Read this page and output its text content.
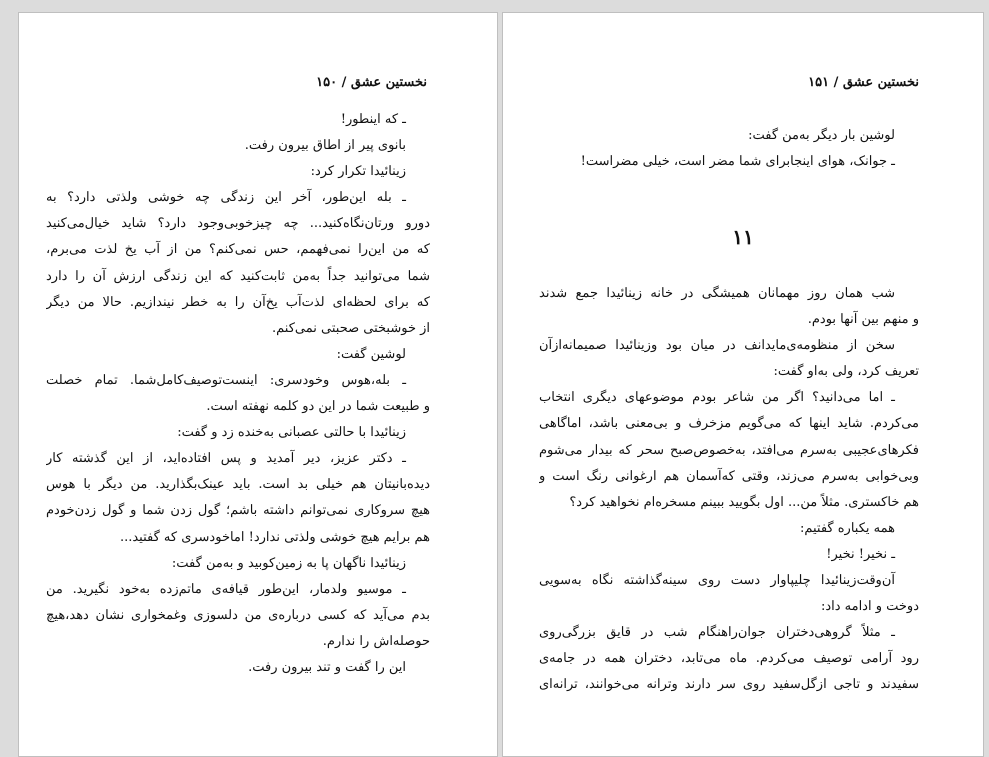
نخستین عشق / ۱۵۰
ـ که اینطور!
بانوی پیر از اطاق بیرون رفت.
زینائیدا تکرار کرد:
ـ بله این‌طور، آخر این زندگی چه خوشی ولذتی دارد؟ به
دورو ورتان‌نگاه‌کنید... چه چیزخوبی‌وجود دارد؟ شاید خیال‌می‌کنید
که من این‌را نمی‌فهمم، حس نمی‌کنم؟ من از آب یخ لذت می‌برم،
شما می‌توانید جداً به‌من ثابت‌کنید که این زندگی ارزش آن را دارد
که برای لحظه‌ای لذت‌آب یخ‌آن را به خطر نیندازیم. حالا من دیگر
از خوشبختی صحبتی نمی‌کنم.
لوشین گفت:
ـ بله،هوس وخودسری: اینست‌توصیف‌کامل‌شما. تمام خصلت
و طبیعت شما در این دو کلمه نهفته است.
زینائیدا با حالتی عصبانی به‌خنده زد و گفت:
ـ دکتر عزیز، دیر آمدید و پس افتاده‌اید، از این گذشته کار
دیده‌بانیتان هم خیلی بد است. باید عینک‌بگذارید. من دیگر با هوس
هیچ سروکاری نمی‌توانم داشته باشم؛ گول زدن شما و گول زدن‌خودم
هم برایم هیچ خوشی ولذتی ندارد! اماخودسری که گفتید...
زینائیدا ناگهان پا به زمین‌کوبید و به‌من گفت:
ـ موسیو ولدمار، این‌طور قیافه‌ی ماتم‌زده به‌خود نگیرید. من
بدم می‌آید که کسی درباره‌ی من دلسوزی وغمخواری نشان دهد،هیچ
حوصله‌اش را ندارم.
این را گفت و تند بیرون رفت.
نخستین عشق / ۱۵۱
لوشین بار دیگر به‌من گفت:
ـ جوانک، هوای اینجابرای شما مضر است، خیلی مضراست!
۱۱
شب همان روز مهمانان همیشگی در خانه زینائیدا جمع شدند
و منهم بین آنها بودم.
سخن از منظومه‌ی‌مایدانف در میان بود وزینائیدا صمیمانه‌ازآن
تعریف کرد، ولی به‌او گفت:
ـ اما می‌دانید؟ اگر من شاعر بودم موضوعهای دیگری انتخاب
می‌کردم. شاید اینها که می‌گویم مزخرف و بی‌معنی باشد، اما‌گاهی
فکرهای‌عجیبی به‌سرم می‌افتد، به‌خصوص‌صبح سحر که بیدار می‌شوم
وبی‌خوابی به‌سرم می‌زند، وقتی که‌آسمان هم ارغوانی رنگ است و
هم خاکستری. مثلاً من... اول بگویید ببینم مسخره‌ام نخواهید کرد؟
همه یکباره گفتیم:
ـ نخیر! نخیر!
آن‌وقت‌زینائیدا چلیپاوار دست روی سینه‌گذاشته نگاه به‌سویی
دوخت و ادامه داد:
ـ مثلاً گروهی‌دختران جوان‌راهنگام شب در قایق بزرگی‌روی
رود آرامی توصیف می‌کردم. ماه می‌تابد، دختران همه در جامه‌ی
سفیدند و تاجی ازگل‌سفید روی سر دارند وترانه می‌خوانند، ترانه‌ای
